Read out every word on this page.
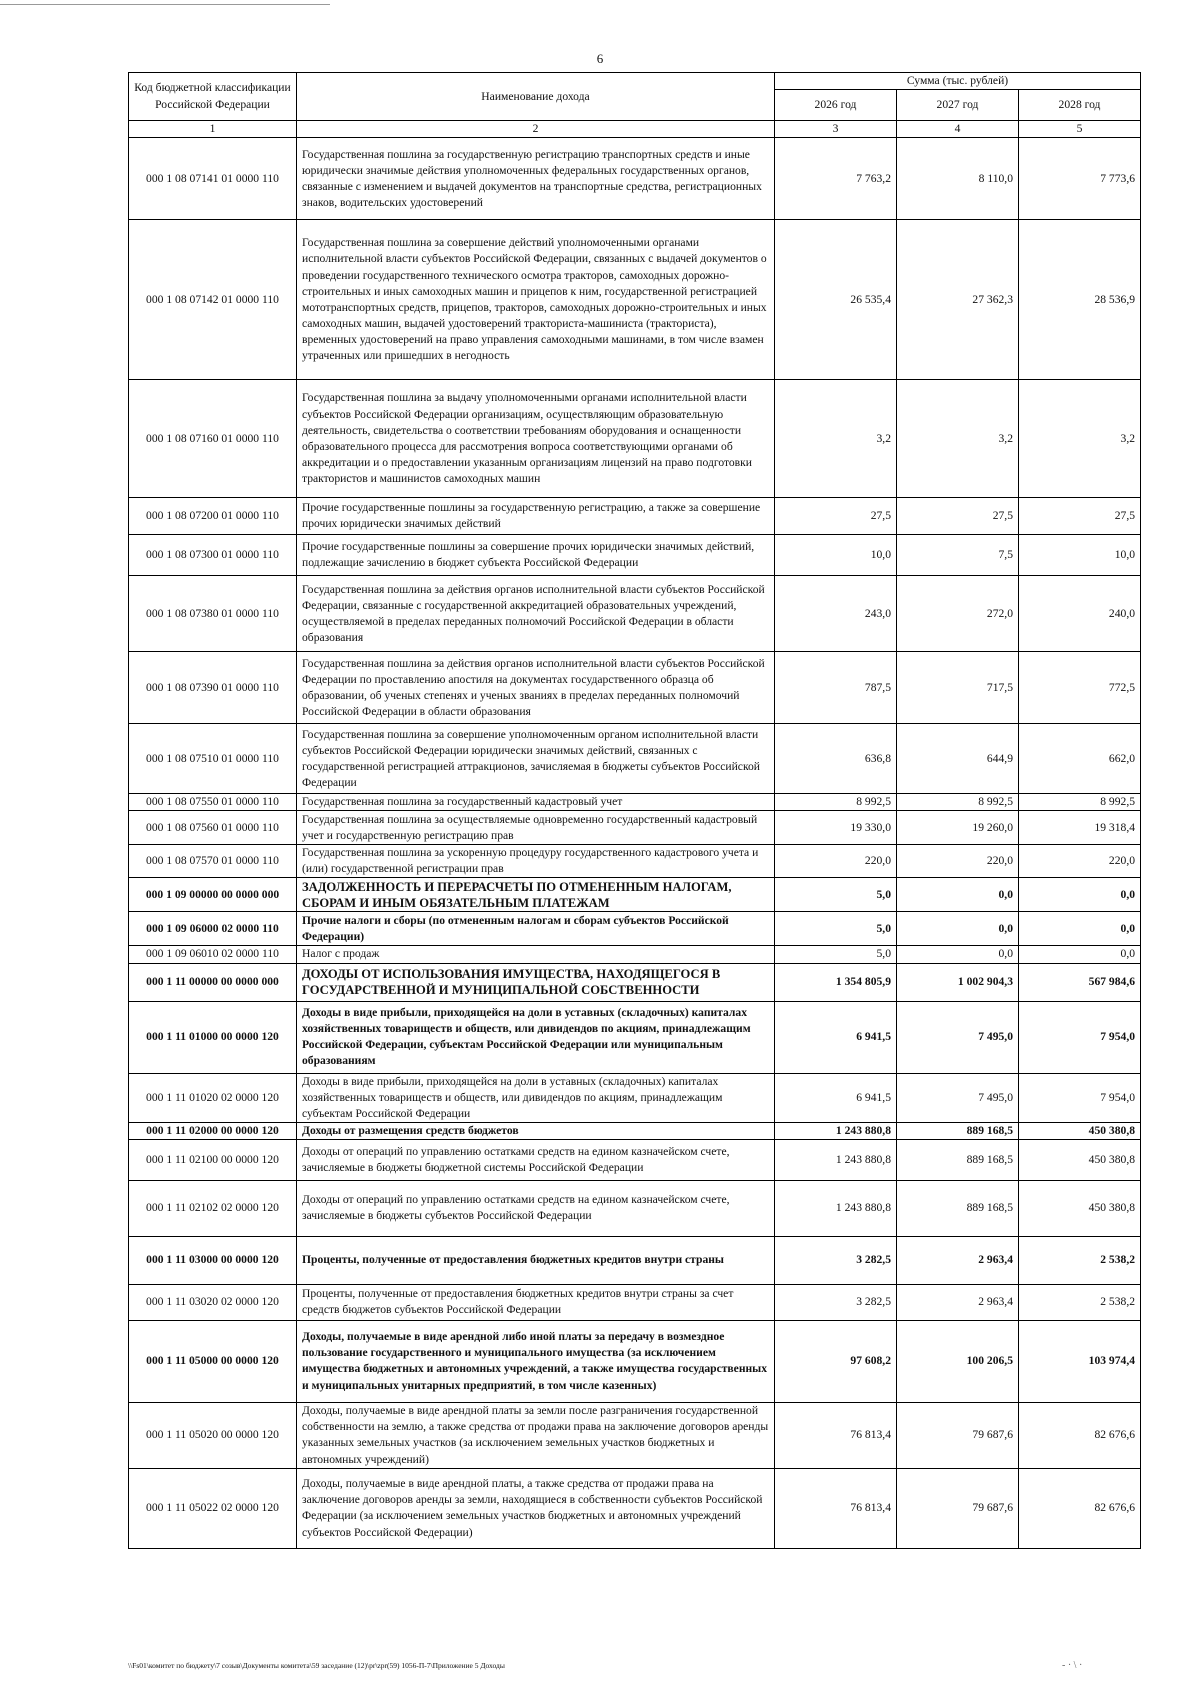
6
Код бюджетной классификации Российской Федерации	Наименование дохода	Сумма (тыс. рублей)		
		2026 год	2027 год	2028 год
1	2	3	4	5
000 1 08 07141 01 0000 110	Государственная пошлина за государственную регистрацию транспортных средств и иные юридически значимые действия уполномоченных федеральных государственных органов, связанные с изменением и выдачей документов на транспортные средства, регистрационных знаков, водительских удостоверений	7 763,2	8 110,0	7 773,6
000 1 08 07142 01 0000 110	Государственная пошлина за совершение действий уполномоченными органами исполнительной власти субъектов Российской Федерации, связанных с выдачей документов о проведении государственного технического осмотра тракторов, самоходных дорожно-строительных и иных самоходных машин и прицепов к ним, государственной регистрацией мототранспортных средств, прицепов, тракторов, самоходных дорожно-строительных и иных самоходных машин, выдачей удостоверений тракториста-машиниста (тракториста), временных удостоверений на право управления самоходными машинами, в том числе взамен утраченных или пришедших в негодность	26 535,4	27 362,3	28 536,9
000 1 08 07160 01 0000 110	Государственная пошлина за выдачу уполномоченными органами исполнительной власти субъектов Российской Федерации организациям, осуществляющим образовательную деятельность, свидетельства о соответствии требованиям оборудования и оснащенности образовательного процесса для рассмотрения вопроса соответствующими органами об аккредитации и о предоставлении указанным организациям лицензий на право подготовки трактористов и машинистов самоходных машин	3,2	3,2	3,2
000 1 08 07200 01 0000 110	Прочие государственные пошлины за государственную регистрацию, а также за совершение прочих юридически значимых действий	27,5	27,5	27,5
000 1 08 07300 01 0000 110	Прочие государственные пошлины за совершение прочих юридически значимых действий, подлежащие зачислению в бюджет субъекта Российской Федерации	10,0	7,5	10,0
000 1 08 07380 01 0000 110	Государственная пошлина за действия органов исполнительной власти субъектов Российской Федерации, связанные с государственной аккредитацией образовательных учреждений, осуществляемой в пределах переданных полномочий Российской Федерации в области образования	243,0	272,0	240,0
000 1 08 07390 01 0000 110	Государственная пошлина за действия органов исполнительной власти субъектов Российской Федерации по проставлению апостиля на документах государственного образца об образовании, об ученых степенях и ученых званиях в пределах переданных полномочий Российской Федерации в области образования	787,5	717,5	772,5
000 1 08 07510 01 0000 110	Государственная пошлина за совершение уполномоченным органом исполнительной власти субъектов Российской Федерации юридически значимых действий, связанных с государственной регистрацией аттракционов, зачисляемая в бюджеты субъектов Российской Федерации	636,8	644,9	662,0
000 1 08 07550 01 0000 110	Государственная пошлина за государственный кадастровый учет	8 992,5	8 992,5	8 992,5
000 1 08 07560 01 0000 110	Государственная пошлина за осуществляемые одновременно государственный кадастровый учет и государственную регистрацию прав	19 330,0	19 260,0	19 318,4
000 1 08 07570 01 0000 110	Государственная пошлина за ускоренную процедуру государственного кадастрового учета и (или) государственной регистрации прав	220,0	220,0	220,0
000 1 09 00000 00 0000 000	ЗАДОЛЖЕННОСТЬ И ПЕРЕРАСЧЕТЫ ПО ОТМЕНЕННЫМ НАЛОГАМ, СБОРАМ И ИНЫМ ОБЯЗАТЕЛЬНЫМ ПЛАТЕЖАМ	5,0	0,0	0,0
000 1 09 06000 02 0000 110	Прочие налоги и сборы (по отмененным налогам и сборам субъектов Российской Федерации)	5,0	0,0	0,0
000 1 09 06010 02 0000 110	Налог с продаж	5,0	0,0	0,0
000 1 11 00000 00 0000 000	ДОХОДЫ ОТ ИСПОЛЬЗОВАНИЯ ИМУЩЕСТВА, НАХОДЯЩЕГОСЯ В ГОСУДАРСТВЕННОЙ И МУНИЦИПАЛЬНОЙ СОБСТВЕННОСТИ	1 354 805,9	1 002 904,3	567 984,6
000 1 11 01000 00 0000 120	Доходы в виде прибыли, приходящейся на доли в уставных (складочных) капиталах хозяйственных товариществ и обществ, или дивидендов по акциям, принадлежащим Российской Федерации, субъектам Российской Федерации или муниципальным образованиям	6 941,5	7 495,0	7 954,0
000 1 11 01020 02 0000 120	Доходы в виде прибыли, приходящейся на доли в уставных (складочных) капиталах хозяйственных товариществ и обществ, или дивидендов по акциям, принадлежащим субъектам Российской Федерации	6 941,5	7 495,0	7 954,0
000 1 11 02000 00 0000 120	Доходы от размещения средств бюджетов	1 243 880,8	889 168,5	450 380,8
000 1 11 02100 00 0000 120	Доходы от операций по управлению остатками средств на едином казначейском счете, зачисляемые в бюджеты бюджетной системы Российской Федерации	1 243 880,8	889 168,5	450 380,8
000 1 11 02102 02 0000 120	Доходы от операций по управлению остатками средств на едином казначейском счете, зачисляемые в бюджеты субъектов Российской Федерации	1 243 880,8	889 168,5	450 380,8
000 1 11 03000 00 0000 120	Проценты, полученные от предоставления бюджетных кредитов внутри страны	3 282,5	2 963,4	2 538,2
000 1 11 03020 02 0000 120	Проценты, полученные от предоставления бюджетных кредитов внутри страны за счет средств бюджетов субъектов Российской Федерации	3 282,5	2 963,4	2 538,2
000 1 11 05000 00 0000 120	Доходы, получаемые в виде арендной либо иной платы за передачу в возмездное пользование государственного и муниципального имущества (за исключением имущества бюджетных и автономных учреждений, а также имущества государственных и муниципальных унитарных предприятий, в том числе казенных)	97 608,2	100 206,5	103 974,4
000 1 11 05020 00 0000 120	Доходы, получаемые в виде арендной платы за земли после разграничения государственной собственности на землю, а также средства от продажи права на заключение договоров аренды указанных земельных участков (за исключением земельных участков бюджетных и автономных учреждений)	76 813,4	79 687,6	82 676,6
000 1 11 05022 02 0000 120	Доходы, получаемые в виде арендной платы, а также средства от продажи права на заключение договоров аренды за земли, находящиеся в собственности субъектов Российской Федерации (за исключением земельных участков бюджетных и автономных учреждений субъектов Российской Федерации)	76 813,4	79 687,6	82 676,6
\\Fs01\комитет по бюджету\7 созыв\Документы комитета\59 заседание (12)\pr\zpr(59) 1056-П-7\Приложение 5 Доходы	- · \ ·
